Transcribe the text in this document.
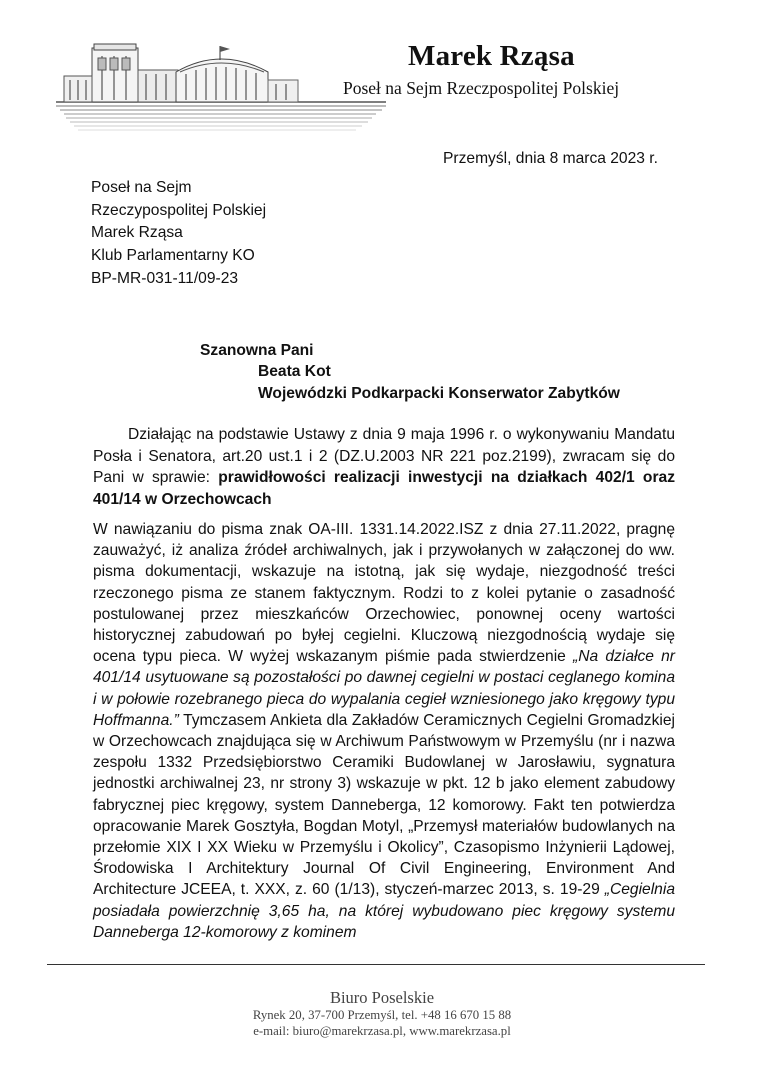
Marek Rząsa
Poseł na Sejm Rzeczpospolitej Polskiej
Przemyśl, dnia 8 marca 2023 r.
Poseł na Sejm
Rzeczypospolitej Polskiej
Marek Rząsa
Klub Parlamentarny KO
BP-MR-031-11/09-23
Szanowna Pani
Beata Kot
Wojewódzki Podkarpacki Konserwator Zabytków
Działając na podstawie Ustawy z dnia 9 maja 1996 r. o wykonywaniu Mandatu Posła i Senatora, art.20 ust.1 i 2 (DZ.U.2003 NR 221 poz.2199), zwracam się do Pani w sprawie: prawidłowości realizacji inwestycji na działkach 402/1 oraz 401/14 w Orzechowcach
W nawiązaniu do pisma znak OA-III. 1331.14.2022.ISZ z dnia 27.11.2022, pragnę zauważyć, iż analiza źródeł archiwalnych, jak i przywołanych w załączonej do ww. pisma dokumentacji, wskazuje na istotną, jak się wydaje, niezgodność treści rzeczonego pisma ze stanem faktycznym. Rodzi to z kolei pytanie o zasadność postulowanej przez mieszkańców Orzechowiec, ponownej oceny wartości historycznej zabudowań po byłej cegielni. Kluczową niezgodnością wydaje się ocena typu pieca. W wyżej wskazanym piśmie pada stwierdzenie „Na działce nr 401/14 usytuowane są pozostałości po dawnej cegielni w postaci ceglanego komina i w połowie rozebranego pieca do wypalania cegieł wzniesionego jako kręgowy typu Hoffmanna.” Tymczasem Ankieta dla Zakładów Ceramicznych Cegielni Gromadzkiej w Orzechowcach znajdująca się w Archiwum Państwowym w Przemyślu (nr i nazwa zespołu 1332 Przedsiębiorstwo Ceramiki Budowlanej w Jarosławiu, sygnatura jednostki archiwalnej 23, nr strony 3) wskazuje w pkt. 12 b jako element zabudowy fabrycznej piec kręgowy, system Danneberga, 12 komorowy. Fakt ten potwierdza opracowanie Marek Gosztyła, Bogdan Motyl, „Przemysł materiałów budowlanych na przełomie XIX I XX Wieku w Przemyślu i Okolicy”, Czasopismo Inżynierii Lądowej, Środowiska I Architektury Journal Of Civil Engineering, Environment And Architecture JCEEA, t. XXX, z. 60 (1/13), styczeń-marzec 2013, s. 19-29 „Cegielnia posiadała powierzchnię 3,65 ha, na której wybudowano piec kręgowy systemu Danneberga 12-komorowy z kominem
Biuro Poselskie
Rynek 20, 37-700 Przemyśl, tel. +48 16 670 15 88
e-mail: biuro@marekrzasa.pl, www.marekrzasa.pl
